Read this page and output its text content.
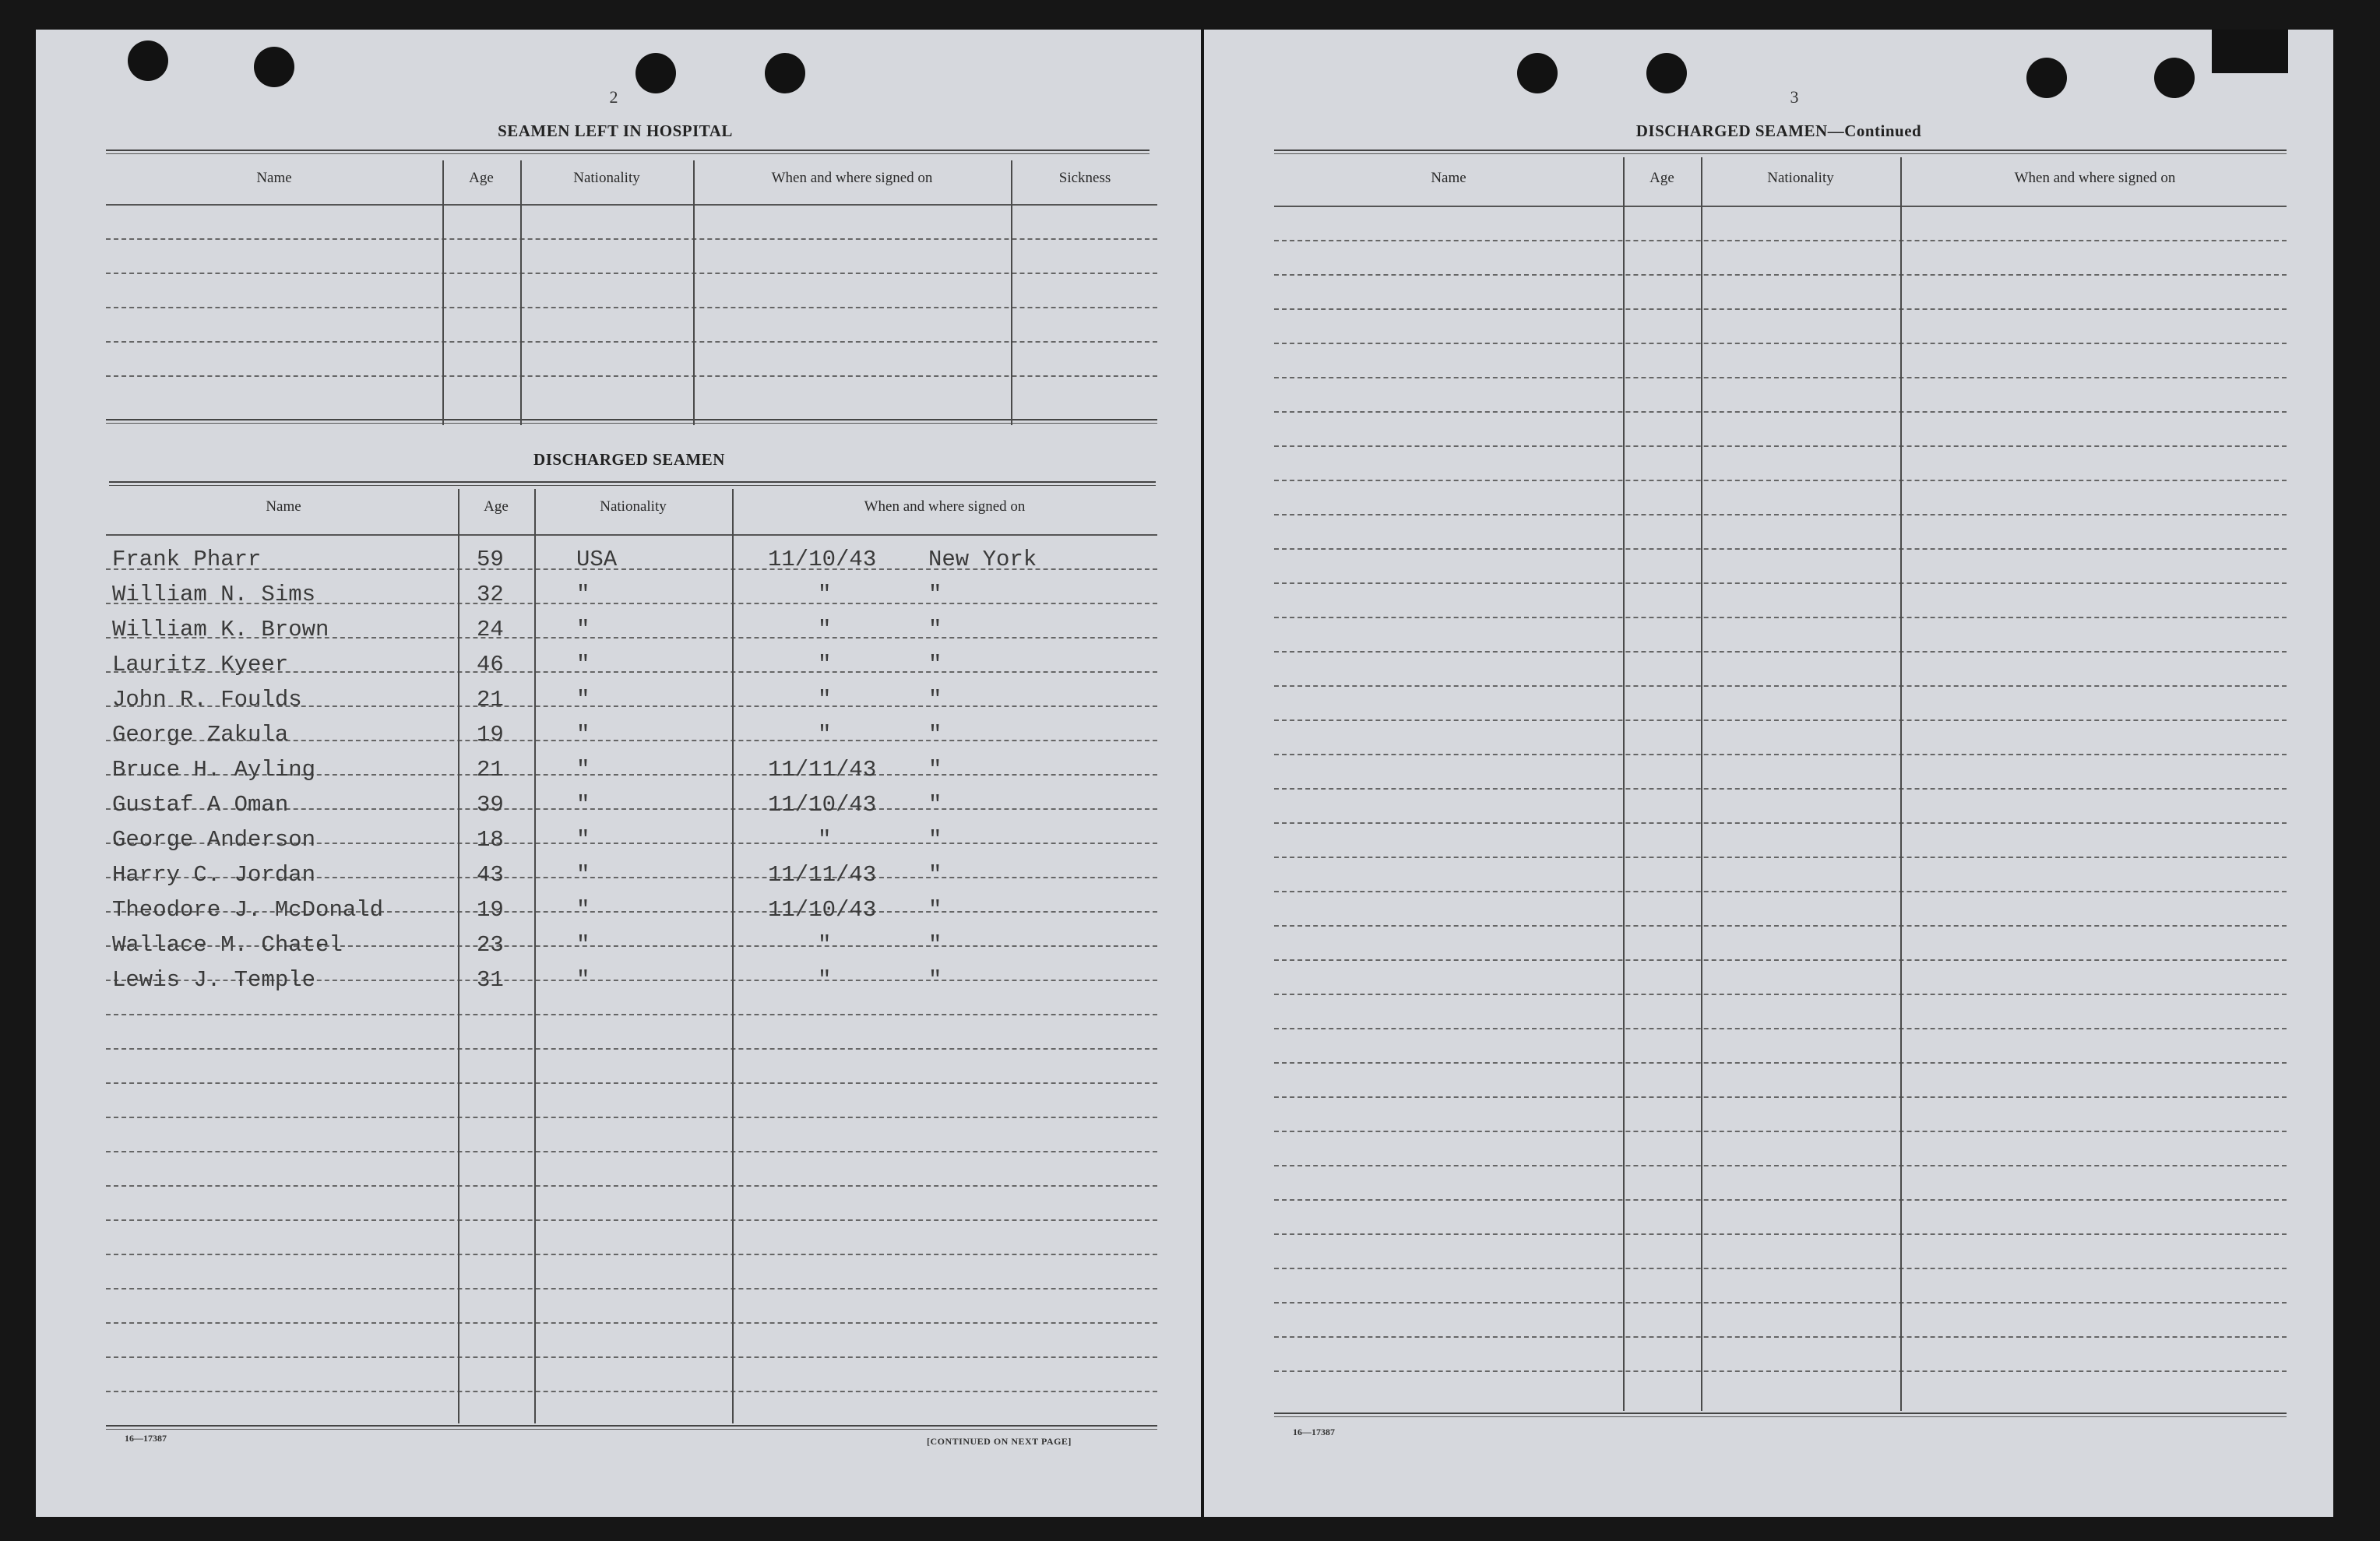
2
SEAMEN LEFT IN HOSPITAL
Name	Age	Nationality	When and where signed on	Sickness
DISCHARGED SEAMEN
Name	Age	Nationality	When and where signed on
Frank Pharr	59	USA	11/10/43 New York
William N. Sims	32	"	"	"
William K. Brown	24	"	"	"
Lauritz Kyeer	46	"	"	"
John R. Foulds	21	"	"	"
George Zakula	19	"	"	"
Bruce H. Ayling	21	"	11/11/43 "
Gustaf A Oman	39	"	11/10/43 "
George Anderson	18	"	"	"
Harry C. Jordan	43	"	11/11/43 "
Theodore J. McDonald	19	"	11/10/43 "
Wallace M. Chatel	23	"	"	"
Lewis J. Temple	31	"	"	"
16—17387	[CONTINUED ON NEXT PAGE]
3
DISCHARGED SEAMEN—Continued
Name	Age	Nationality	When and where signed on
16—17387
